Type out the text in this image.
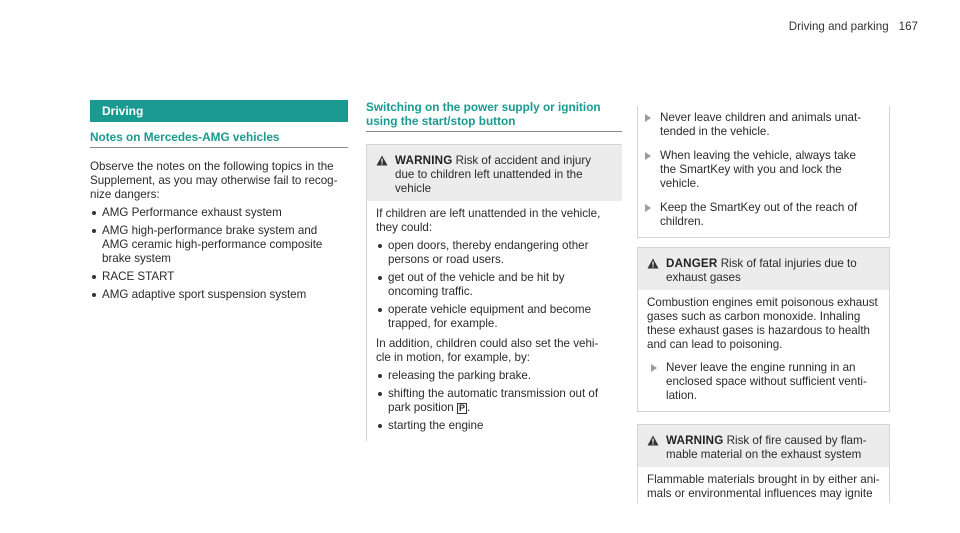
Driving and parking 167
Driving
Notes on Mercedes-AMG vehicles

Observe the notes on the following topics in the
Supplement, as you may otherwise fail to recog-
nize dangers:

AMG Performance exhaust system
AMG high-performance brake system and
AMG ceramic high-performance composite
brake system
RACE START
AMG adaptive sport suspension system
Switching on the power supply or ignition
using the start/stop button
WARNING Risk of accident and injury
due to children left unattended in the
vehicle

If children are left unattended in the vehicle,
they could:

open doors, thereby endangering other
persons or road users.
get out of the vehicle and be hit by
oncoming traffic.
operate vehicle equipment and become
trapped, for example.

In addition, children could also set the vehi-
cle in motion, for example, by:

releasing the parking brake.
shifting the automatic transmission out of
park position P .
starting the engine
Never leave children and animals unat-
tended in the vehicle.
When leaving the vehicle, always take
the SmartKey with you and lock the
vehicle.
Keep the SmartKey out of the reach of
children.
DANGER Risk of fatal injuries due to
exhaust gases

Combustion engines emit poisonous exhaust
gases such as carbon monoxide. Inhaling
these exhaust gases is hazardous to health
and can lead to poisoning.

Never leave the engine running in an
enclosed space without sufficient venti-
lation.
WARNING Risk of fire caused by flam-
mable material on the exhaust system

Flammable materials brought in by either ani-
mals or environmental influences may ignite
